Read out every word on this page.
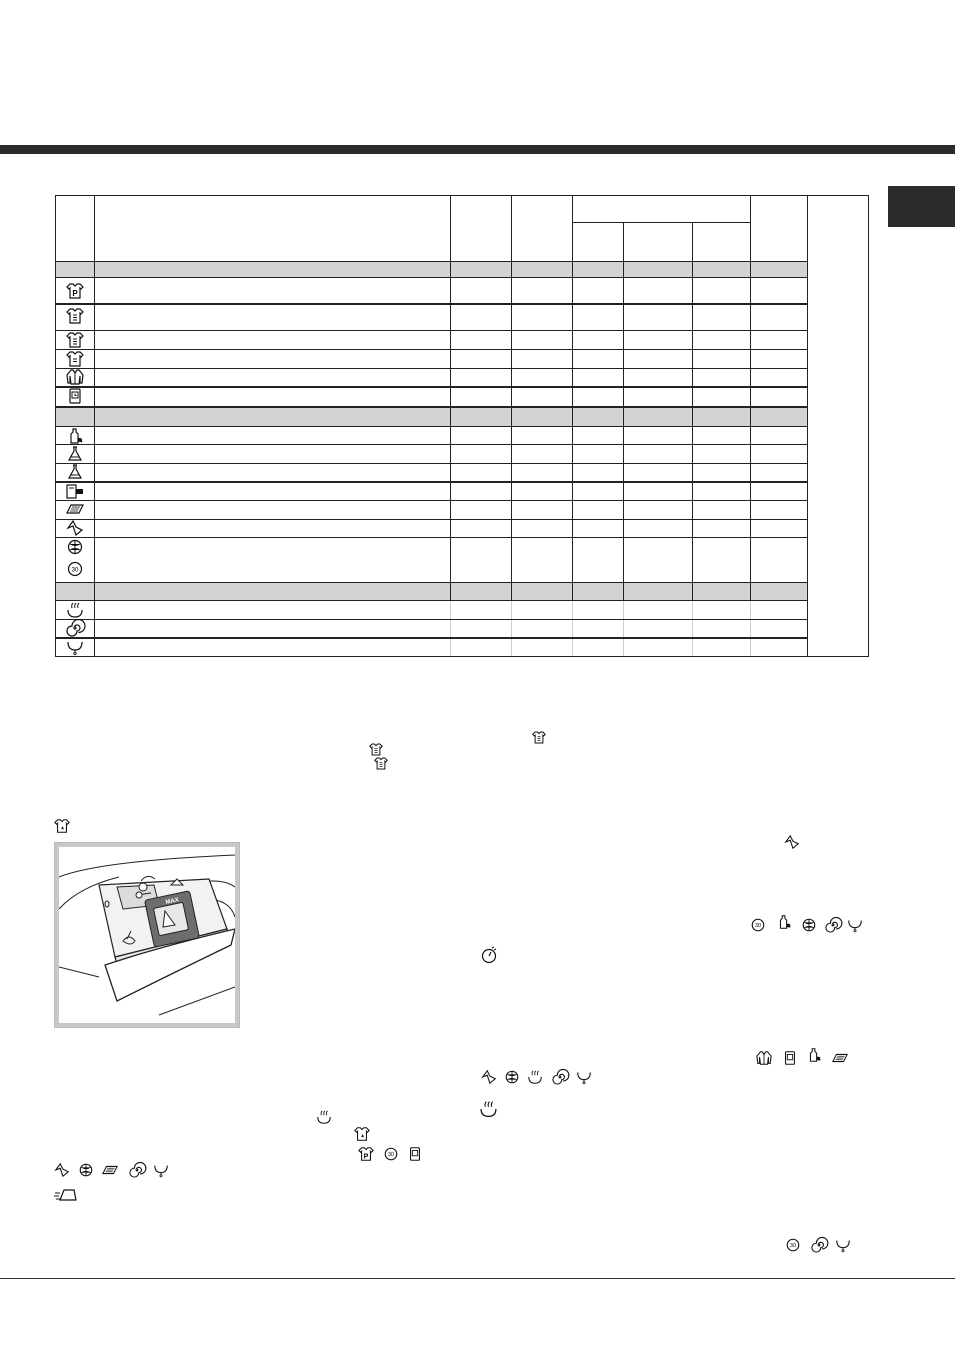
P
30
30
P	30
30
MAX
